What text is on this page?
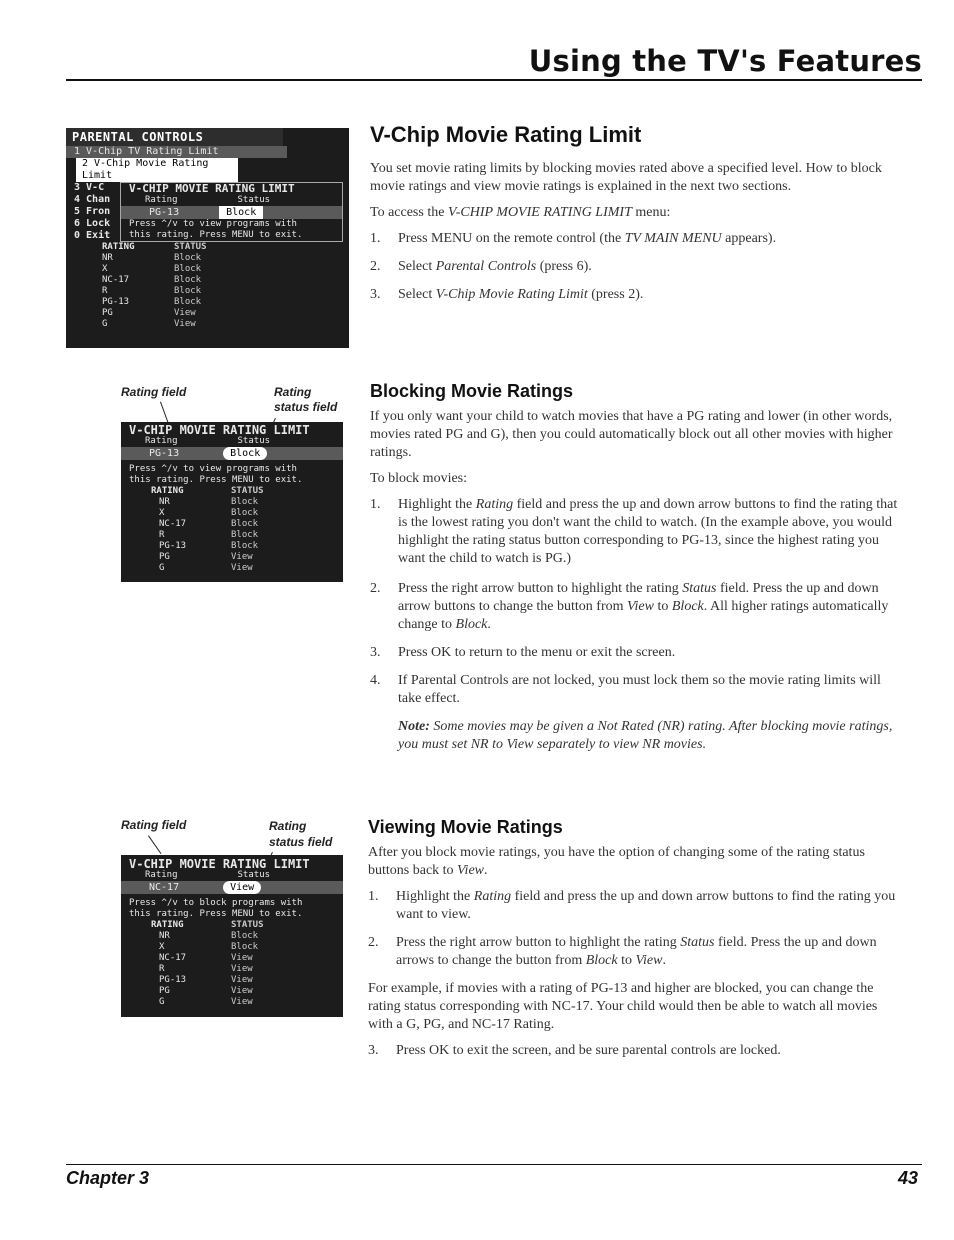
Using the TV's Features
PARENTAL CONTROLS
1 V-Chip TV Rating Limit
2 V-Chip Movie Rating Limit
3 V-C
4 Chan
5 Fron
6 Lock
0 Exit
V-CHIP MOVIE RATING LIMIT
Rating	Status
PG-13	Block
Press ^/v to view programs with
this rating. Press MENU to exit.
RATING	STATUS
NR	Block
X	Block
NC-17	Block
R	Block
PG-13	Block
PG	View
G	View
V-Chip Movie Rating Limit

You set movie rating limits by blocking movies rated above a specified level. How to block movie ratings and view movie ratings is explained in the next two sections.

To access the V-CHIP MOVIE RATING LIMIT menu:

1. Press MENU on the remote control (the TV MAIN MENU appears).
2. Select Parental Controls (press 6).
3. Select V-Chip Movie Rating Limit (press 2).
Rating field	Rating
status field
V-CHIP MOVIE RATING LIMIT
Rating	Status
PG-13	Block
Press ^/v to view programs with
this rating. Press MENU to exit.
RATING	STATUS
NR	Block
X	Block
NC-17	Block
R	Block
PG-13	Block
PG	View
G	View
Blocking Movie Ratings

If you only want your child to watch movies that have a PG rating and lower (in other words, movies rated PG and G), then you could automatically block out all other movies with higher ratings.

To block movies:

1. Highlight the Rating field and press the up and down arrow buttons to find the rating that is the lowest rating you don't want the child to watch. (In the example above, you would highlight the rating status button corresponding to PG-13, since the highest rating you want the child to watch is PG.)
2. Press the right arrow button to highlight the rating Status field. Press the up and down arrow buttons to change the button from View to Block. All higher ratings automatically change to Block.
3. Press OK to return to the menu or exit the screen.
4. If Parental Controls are not locked, you must lock them so the movie rating limits will take effect.
Note: Some movies may be given a Not Rated (NR) rating. After blocking movie ratings, you must set NR to View separately to view NR movies.
Rating field	Rating
status field
V-CHIP MOVIE RATING LIMIT
Rating	Status
NC-17	View
Press ^/v to block programs with
this rating. Press MENU to exit.
RATING	STATUS
NR	Block
X	Block
NC-17	View
R	View
PG-13	View
PG	View
G	View
Viewing Movie Ratings

After you block movie ratings, you have the option of changing some of the rating status buttons back to View.

1. Highlight the Rating field and press the up and down arrow buttons to find the rating you want to view.
2. Press the right arrow button to highlight the rating Status field. Press the up and down arrows to change the button from Block to View.

For example, if movies with a rating of PG-13 and higher are blocked, you can change the rating status corresponding with NC-17. Your child would then be able to watch all movies with a G, PG, and NC-17 Rating.

3. Press OK to exit the screen, and be sure parental controls are locked.
Chapter 3	43
